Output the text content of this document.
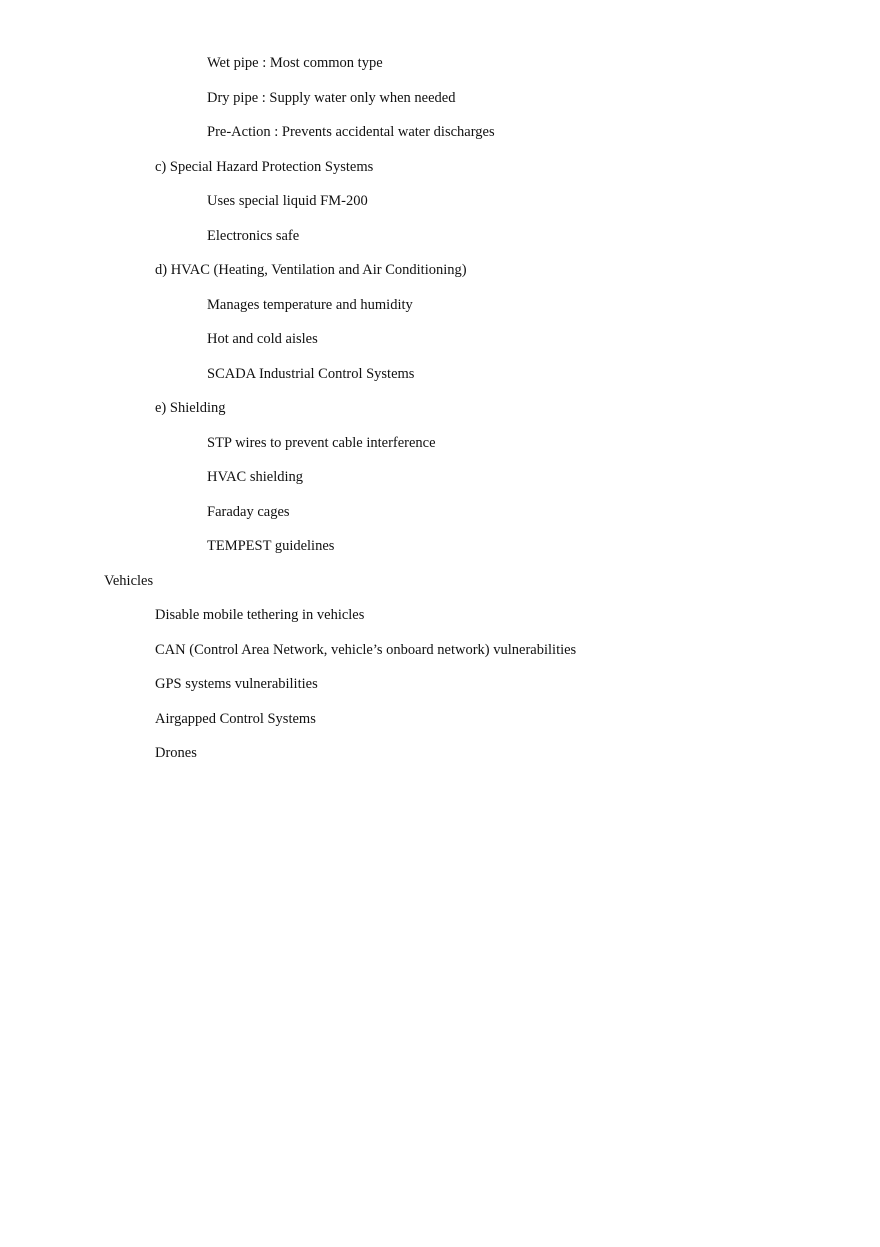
Wet pipe : Most common type
Dry pipe : Supply water only when needed
Pre-Action : Prevents accidental water discharges
c) Special Hazard Protection Systems
Uses special liquid FM-200
Electronics safe
d) HVAC (Heating, Ventilation and Air Conditioning)
Manages temperature and humidity
Hot and cold aisles
SCADA Industrial Control Systems
e) Shielding
STP wires to prevent cable interference
HVAC shielding
Faraday cages
TEMPEST guidelines
Vehicles
Disable mobile tethering in vehicles
CAN (Control Area Network, vehicle’s onboard network) vulnerabilities
GPS systems vulnerabilities
Airgapped Control Systems
Drones
